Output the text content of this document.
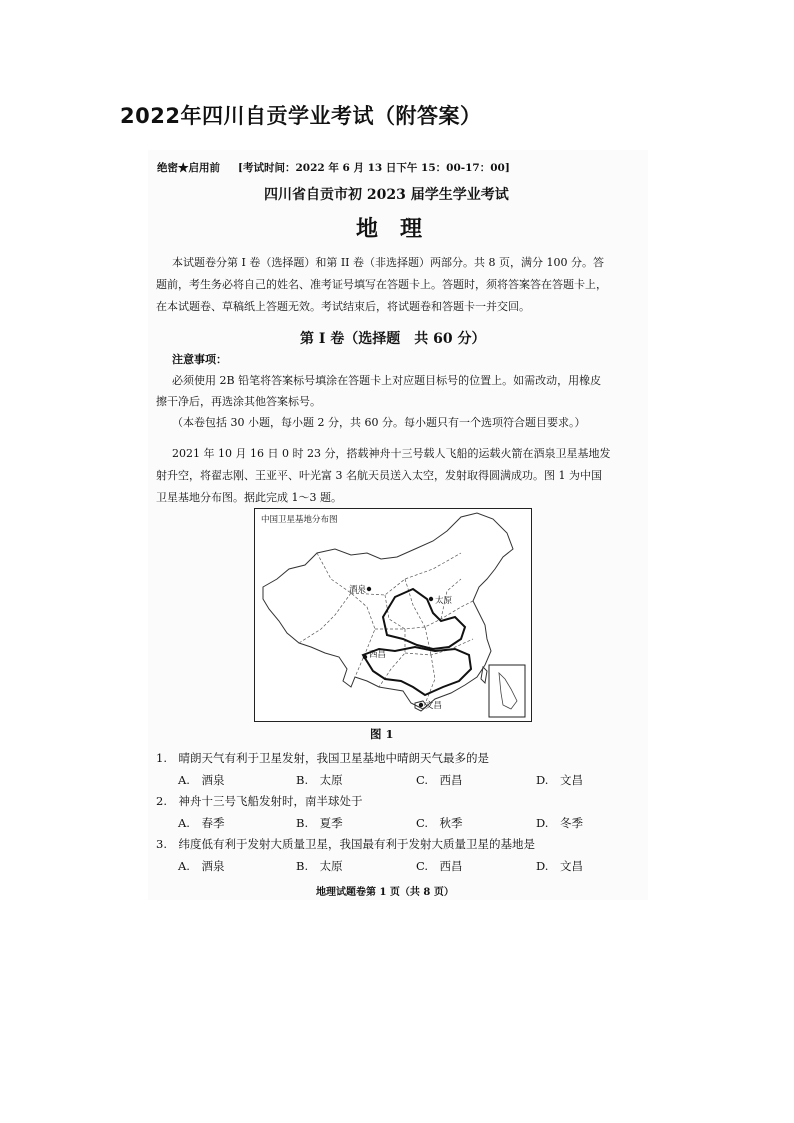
2022年四川自贡学业考试（附答案）
绝密★启用前 [考试时间：2022 年 6 月 13 日下午 15：00-17：00]
四川省自贡市初 2023 届学生学业考试
地　理
本试题卷分第 I 卷（选择题）和第 II 卷（非选择题）两部分。共 8 页，满分 100 分。答
题前，考生务必将自己的姓名、准考证号填写在答题卡上。答题时，须将答案答在答题卡上，
在本试题卷、草稿纸上答题无效。考试结束后，将试题卷和答题卡一并交回。
第 I 卷（选择题　共 60 分）
注意事项：
必须使用 2B 铅笔将答案标号填涂在答题卡上对应题目标号的位置上。如需改动，用橡皮
擦干净后，再选涂其他答案标号。
（本卷包括 30 小题，每小题 2 分，共 60 分。每小题只有一个选项符合题目要求。）
2021 年 10 月 16 日 0 时 23 分，搭载神舟十三号载人飞船的运载火箭在酒泉卫星基地发
射升空，将翟志刚、王亚平、叶光富 3 名航天员送入太空，发射取得圆满成功。图 1 为中国
卫星基地分布图。据此完成 1～3 题。
中国卫星基地分布图
酒泉
太原
西昌
文昌
图 1
1.　晴朗天气有利于卫星发射，我国卫星基地中晴朗天气最多的是
A.　酒泉	B.　太原	C.　西昌	D.　文昌
2.　神舟十三号飞船发射时，南半球处于
A.　春季	B.　夏季	C.　秋季	D.　冬季
3.　纬度低有利于发射大质量卫星，我国最有利于发射大质量卫星的基地是
A.　酒泉	B.　太原	C.　西昌	D.　文昌
地理试题卷第 1 页（共 8 页）
